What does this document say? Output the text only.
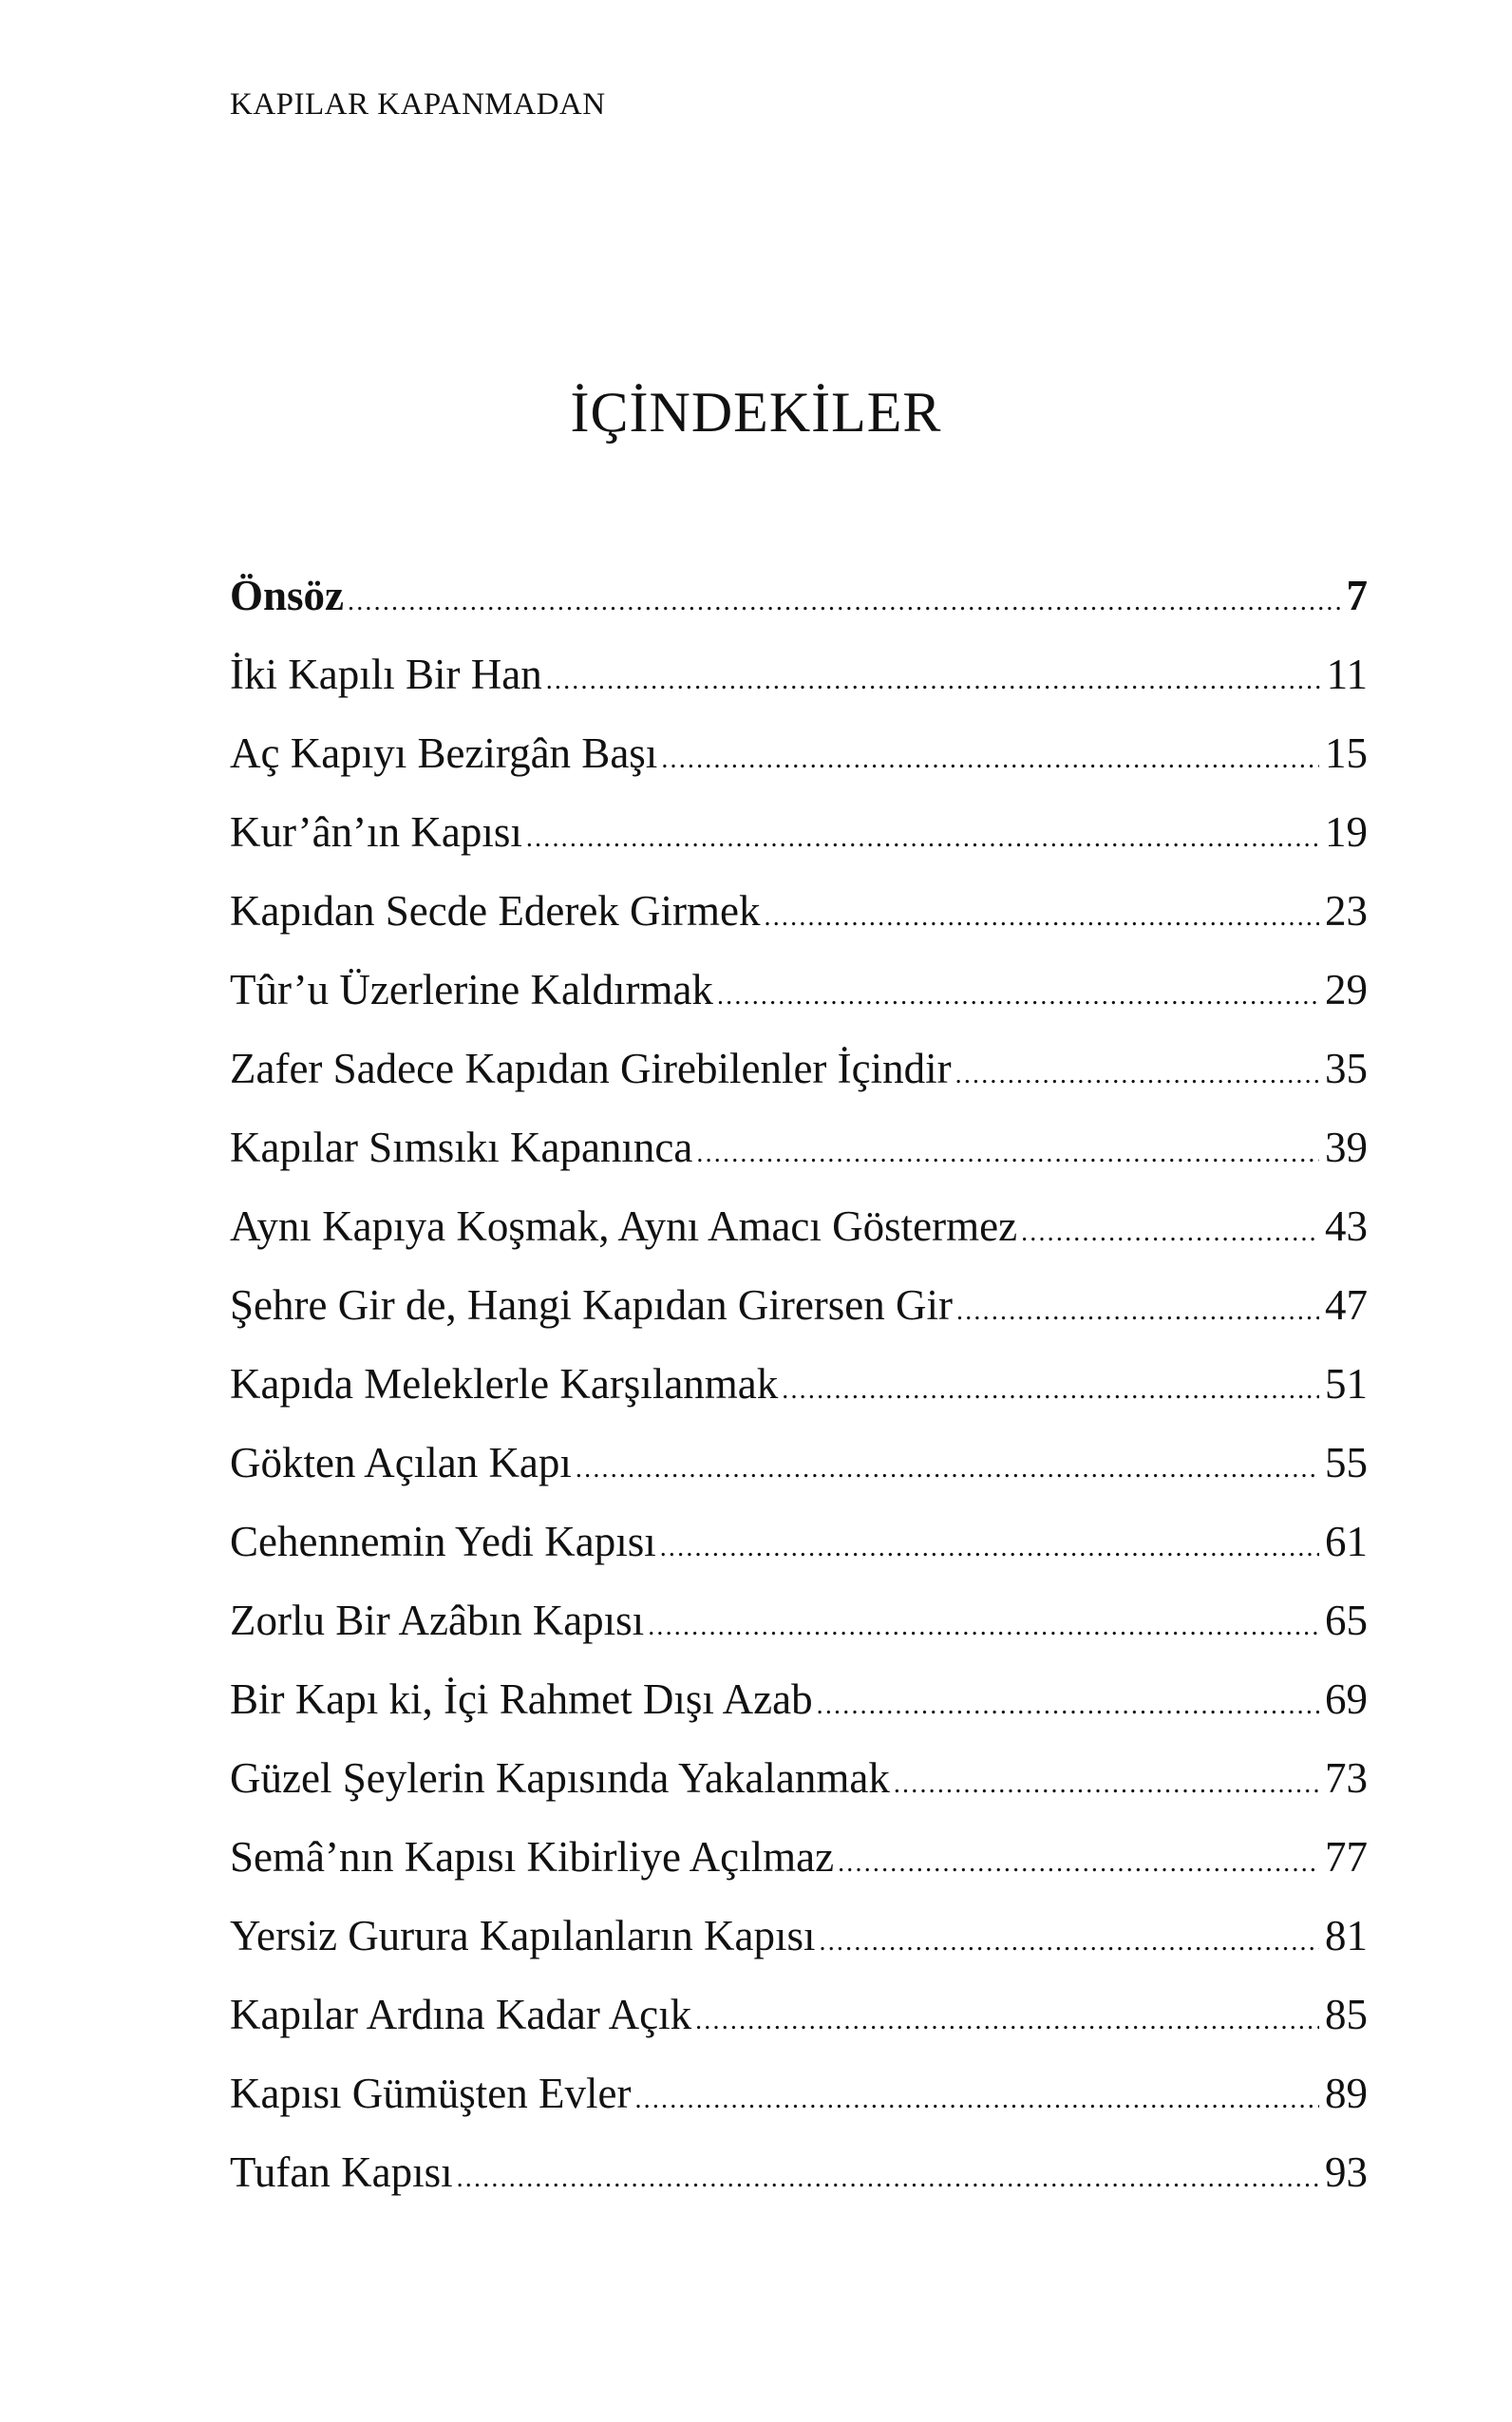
KAPILAR KAPANMADAN
İÇİNDEKİLER
Önsöz .....	7
İki Kapılı Bir Han .....	11
Aç Kapıyı Bezirgân Başı .....	15
Kur’ân’ın Kapısı .....	19
Kapıdan Secde Ederek Girmek .....	23
Tûr’u Üzerlerine Kaldırmak .....	29
Zafer Sadece Kapıdan Girebilenler İçindir .....	35
Kapılar Sımsıkı Kapanınca .....	39
Aynı Kapıya Koşmak, Aynı Amacı Göstermez .....	43
Şehre Gir de, Hangi Kapıdan Girersen Gir .....	47
Kapıda Meleklerle Karşılanmak .....	51
Gökten Açılan Kapı .....	55
Cehennemin Yedi Kapısı .....	61
Zorlu Bir Azâbın Kapısı .....	65
Bir Kapı ki, İçi Rahmet Dışı Azab .....	69
Güzel Şeylerin Kapısında Yakalanmak .....	73
Semâ’nın Kapısı Kibirliye Açılmaz .....	77
Yersiz Gurura Kapılanların Kapısı .....	81
Kapılar Ardına Kadar Açık .....	85
Kapısı Gümüşten Evler .....	89
Tufan Kapısı .....	93
